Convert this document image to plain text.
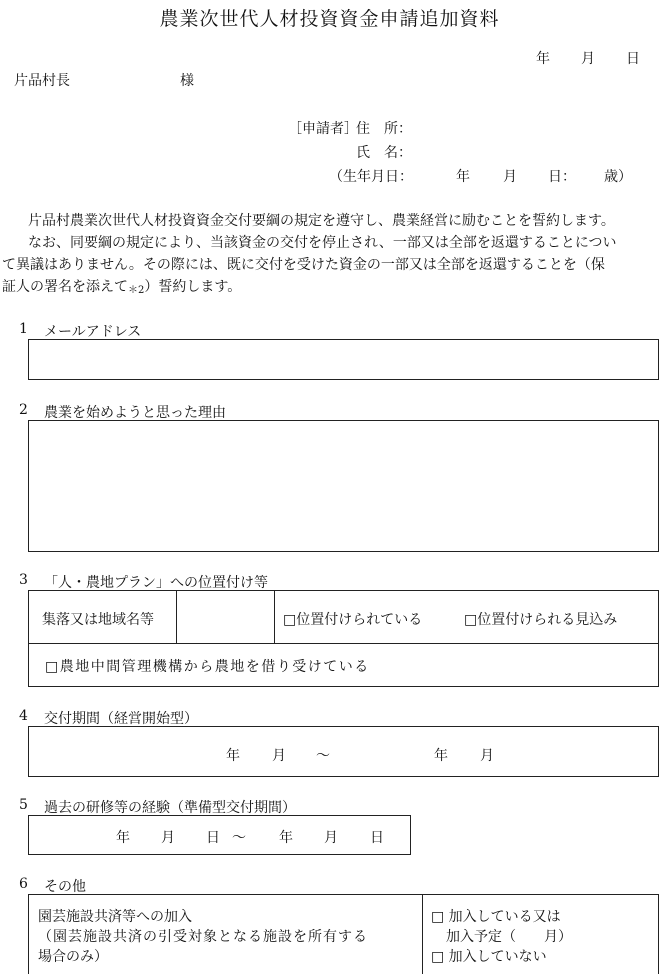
農業次世代人材投資資金申請追加資料
年 月 日
片品村長	様
［申請者］
住　所：
氏　名：
（生年月日：	年 月 日： 歳）
　片品村農業次世代人材投資資金交付要綱の規定を遵守し、農業経営に励むことを誓約します。
　なお、同要綱の規定により、当該資金の交付を停止され、一部又は全部を返還することについ
て異議はありません。その際には、既に交付を受けた資金の一部又は全部を返還することを（保
証人の署名を添えて＊2）誓約します。
1 メールアドレス
2 農業を始めようと思った理由
3 「人・農地プラン」への位置付け等
集落又は地域名等	□位置付けられている	□位置付けられる見込み
□農地中間管理機構から農地を借り受けている
4 交付期間（経営開始型）
年 月 ～	年 月
5 過去の研修等の経験（準備型交付期間）
年 月 日 ～ 年 月 日
6 その他
園芸施設共済等への加入
（園芸施設共済の引受対象となる施設を所有する
場合のみ）
□ 加入している又は
加入予定（　　月）
□ 加入していない
